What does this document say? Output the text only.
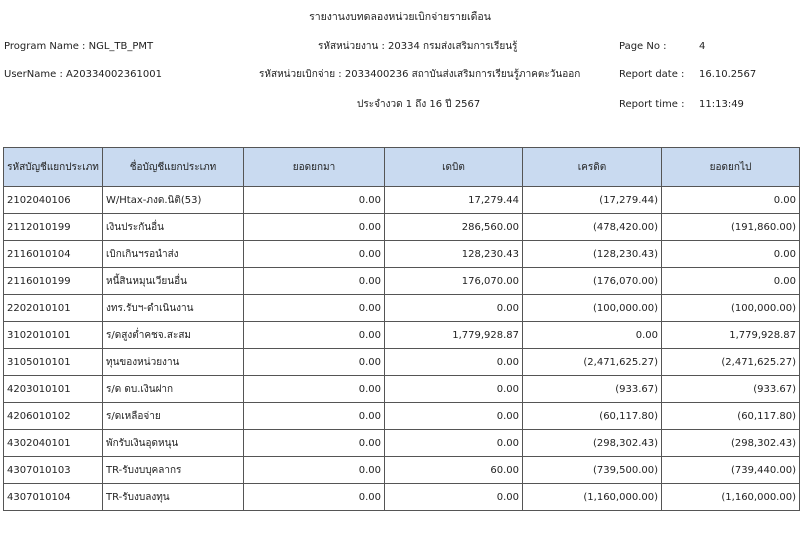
รายงานงบทดลองหน่วยเบิกจ่ายรายเดือน
Program Name : NGL_TB_PMT	รหัสหน่วยงาน : 20334 กรมส่งเสริมการเรียนรู้	Page No :	4
UserName : A20334002361001	รหัสหน่วยเบิกจ่าย : 2033400236 สถาบันส่งเสริมการเรียนรู้ภาคตะวันออก	Report date : 16.10.2567
ประจำงวด 1 ถึง 16 ปี 2567	Report time : 11:13:49
รหัสบัญชีแยกประเภท	ชื่อบัญชีแยกประเภท	ยอดยกมา	เดบิต	เครดิต	ยอดยกไป
2102040106	W/Htax-ภงด.นิติ(53)	0.00	17,279.44	(17,279.44)	0.00
2112010199	เงินประกันอื่น	0.00	286,560.00	(478,420.00)	(191,860.00)
2116010104	เบิกเกินฯรอนำส่ง	0.00	128,230.43	(128,230.43)	0.00
2116010199	หนี้สินหมุนเวียนอื่น	0.00	176,070.00	(176,070.00)	0.00
2202010101	งทร.รับฯ-ดำเนินงาน	0.00	0.00	(100,000.00)	(100,000.00)
3102010101	ร/ดสูงต่ำคชจ.สะสม	0.00	1,779,928.87	0.00	1,779,928.87
3105010101	ทุนของหน่วยงาน	0.00	0.00	(2,471,625.27)	(2,471,625.27)
4203010101	ร/ด ดบ.เงินฝาก	0.00	0.00	(933.67)	(933.67)
4206010102	ร/ดเหลือจ่าย	0.00	0.00	(60,117.80)	(60,117.80)
4302040101	พักรับเงินอุดหนุน	0.00	0.00	(298,302.43)	(298,302.43)
4307010103	TR-รับงบบุคลากร	0.00	60.00	(739,500.00)	(739,440.00)
4307010104	TR-รับงบลงทุน	0.00	0.00	(1,160,000.00)	(1,160,000.00)
